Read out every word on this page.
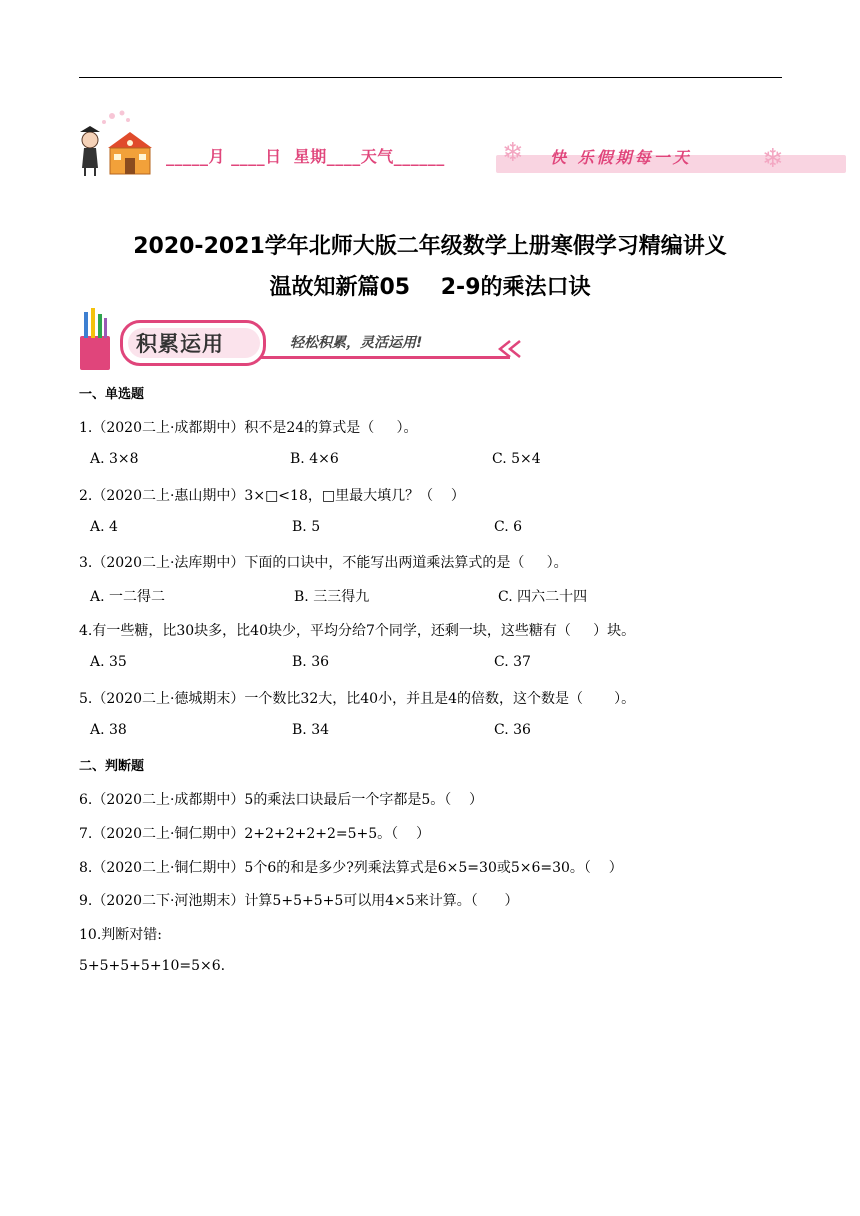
_____月 ____日  星期____天气______ ❄ 快 乐假期每一天	❄
2020-2021学年北师大版二年级数学上册寒假学习精编讲义
温故知新篇05    2-9的乘法口诀
积累运用	轻松积累，灵活运用!
一、单选题
1.（2020二上·成都期中）积不是24的算式是（     ）。
A. 3×8	B. 4×6	C. 5×4
2.（2020二上·惠山期中）3×□<18，□里最大填几？（    ）
A. 4	B. 5	C. 6
3.（2020二上·法库期中）下面的口诀中，不能写出两道乘法算式的是（     ）。
A. 一二得二	B. 三三得九	C. 四六二十四
4.有一些糖，比30块多，比40块少，平均分给7个同学，还剩一块，这些糖有（     ）块。
A. 35	B. 36	C. 37
5.（2020二上·德城期末）一个数比32大，比40小，并且是4的倍数，这个数是（       ）。
A. 38	B. 34	C. 36
二、判断题
6.（2020二上·成都期中）5的乘法口诀最后一个字都是5。（    ）
7.（2020二上·铜仁期中）2+2+2+2+2=5+5。（    ）
8.（2020二上·铜仁期中）5个6的和是多少?列乘法算式是6×5=30或5×6=30。（    ）
9.（2020二下·河池期末）计算5+5+5+5可以用4×5来计算。（      ）
10.判断对错:
5+5+5+5+10=5×6.
